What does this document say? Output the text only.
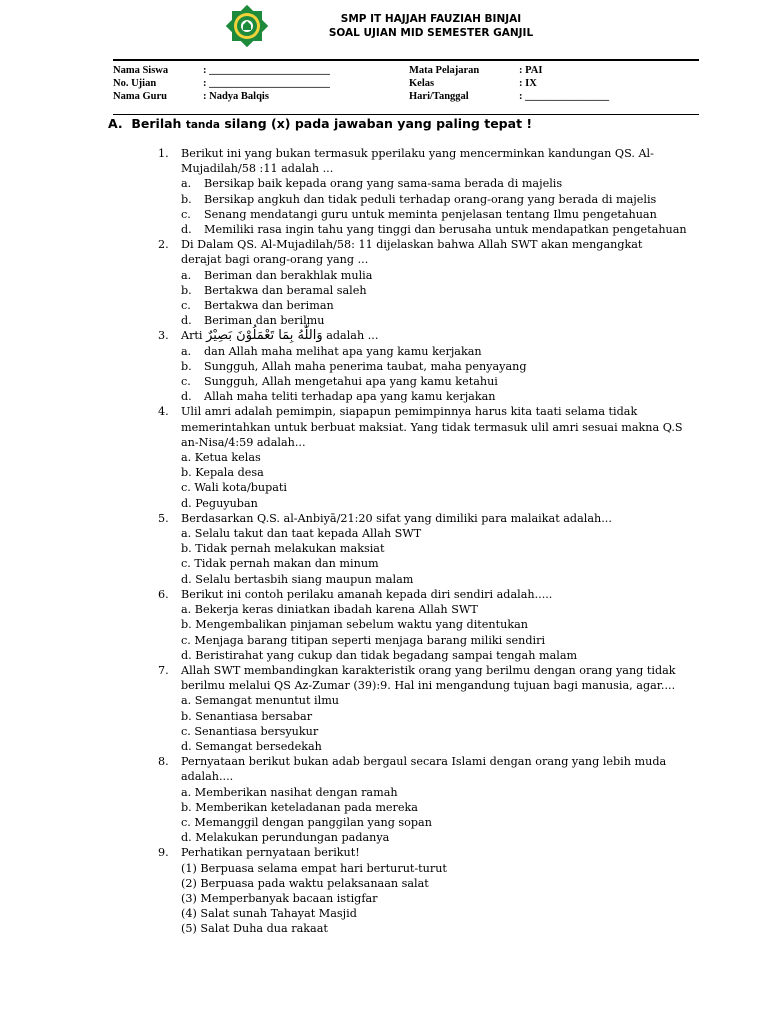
SMP IT HAJJAH FAUZIAH BINJAI
SOAL UJIAN MID SEMESTER GANJIL
Nama Siswa	: _______________________	Mata Pelajaran	: PAI
No. Ujian	: _______________________	Kelas	: IX
Nama Guru	: Nadya Balqis	Hari/Tanggal	: ________________
A. Berilah tanda silang (x) pada jawaban yang paling tepat !
1. Berikut ini yang bukan termasuk pperilaku yang mencerminkan kandungan QS. Al-
Mujadilah/58 :11 adalah ...
a. Bersikap baik kepada orang yang sama-sama berada di majelis
b. Bersikap angkuh dan tidak peduli terhadap orang-orang yang berada di majelis
c. Senang mendatangi guru untuk meminta penjelasan tentang Ilmu pengetahuan
d. Memiliki rasa ingin tahu yang tinggi dan berusaha untuk mendapatkan pengetahuan
2. Di Dalam QS. Al-Mujadilah/58: 11 dijelaskan bahwa Allah SWT akan mengangkat
derajat bagi orang-orang yang ...
a. Beriman dan berakhlak mulia
b. Bertakwa dan beramal saleh
c. Bertakwa dan beriman
d. Beriman dan berilmu
3. Arti وَاللّٰهُ بِمَا تَعْمَلُوْنَ بَصِيْرٌ adalah ...
a. dan Allah maha melihat apa yang kamu kerjakan
b. Sungguh, Allah maha penerima taubat, maha penyayang
c. Sungguh, Allah mengetahui apa yang kamu ketahui
d. Allah maha teliti terhadap apa yang kamu kerjakan
4. Ulil amri adalah pemimpin, siapapun pemimpinnya harus kita taati selama tidak
memerintahkan untuk berbuat maksiat. Yang tidak termasuk ulil amri sesuai makna Q.S
an-Nisa/4:59 adalah...
a. Ketua kelas
b. Kepala desa
c. Wali kota/bupati
d. Peguyuban
5. Berdasarkan Q.S. al-Anbiyā/21:20 sifat yang dimiliki para malaikat adalah...
a. Selalu takut dan taat kepada Allah SWT
b. Tidak pernah melakukan maksiat
c. Tidak pernah makan dan minum
d. Selalu bertasbih siang maupun malam
6. Berikut ini contoh perilaku amanah kepada diri sendiri adalah.....
a. Bekerja keras diniatkan ibadah karena Allah SWT
b. Mengembalikan pinjaman sebelum waktu yang ditentukan
c. Menjaga barang titipan seperti menjaga barang miliki sendiri
d. Beristirahat yang cukup dan tidak begadang sampai tengah malam
7. Allah SWT membandingkan karakteristik orang yang berilmu dengan orang yang tidak
berilmu melalui QS Az-Zumar (39):9. Hal ini mengandung tujuan bagi manusia, agar....
a. Semangat menuntut ilmu
b. Senantiasa bersabar
c. Senantiasa bersyukur
d. Semangat bersedekah
8. Pernyataan berikut bukan adab bergaul secara Islami dengan orang yang lebih muda
adalah....
a. Memberikan nasihat dengan ramah
b. Memberikan keteladanan pada mereka
c. Memanggil dengan panggilan yang sopan
d. Melakukan perundungan padanya
9. Perhatikan pernyataan berikut!
(1) Berpuasa selama empat hari berturut-turut
(2) Berpuasa pada waktu pelaksanaan salat
(3) Memperbanyak bacaan istigfar
(4) Salat sunah Tahayat Masjid
(5) Salat Duha dua rakaat
